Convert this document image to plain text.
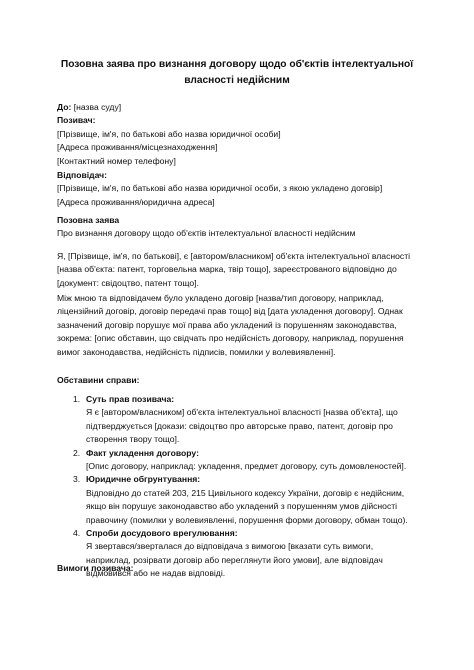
Позовна заява про визнання договору щодо об'єктів інтелектуальної власності недійсним
До: [назва суду]
Позивач:
[Прізвище, ім'я, по батькові або назва юридичної особи]
[Адреса проживання/місцезнаходження]
[Контактний номер телефону]
Відповідач:
[Прізвище, ім'я, по батькові або назва юридичної особи, з якою укладено договір]
[Адреса проживання/юридична адреса]
Позовна заява
Про визнання договору щодо об'єктів інтелектуальної власності недійсним

Я, [Прізвище, ім'я, по батькові], є [автором/власником] об'єкта інтелектуальної власності [назва об'єкта: патент, торговельна марка, твір тощо], зареєстрованого відповідно до [документ: свідоцтво, патент тощо].

Між мною та відповідачем було укладено договір [назва/тип договору, наприклад, ліцензійний договір, договір передачі прав тощо] від [дата укладення договору]. Однак зазначений договір порушує мої права або укладений із порушенням законодавства, зокрема: [опис обставин, що свідчать про недійсність договору, наприклад, порушення вимог законодавства, недійсність підписів, помилки у волевиявленні].

Обставини справи:
1. Суть прав позивача:
Я є [автором/власником] об'єкта інтелектуальної власності [назва об'єкта], що підтверджується [докази: свідоцтво про авторське право, патент, договір про створення твору тощо].
2. Факт укладення договору:
[Опис договору, наприклад: укладення, предмет договору, суть домовленостей].
3. Юридичне обгрунтування:
Відповідно до статей 203, 215 Цивільного кодексу України, договір є недійсним, якщо він порушує законодавство або укладений з порушенням умов дійсності правочину (помилки у волевиявленні, порушення форми договору, обман тощо).
4. Спроби досудового врегулювання:
Я звертався/зверталася до відповідача з вимогою [вказати суть вимоги, наприклад, розірвати договір або переглянути його умови], але відповідач відмовився або не надав відповіді.
Вимоги позивача:
